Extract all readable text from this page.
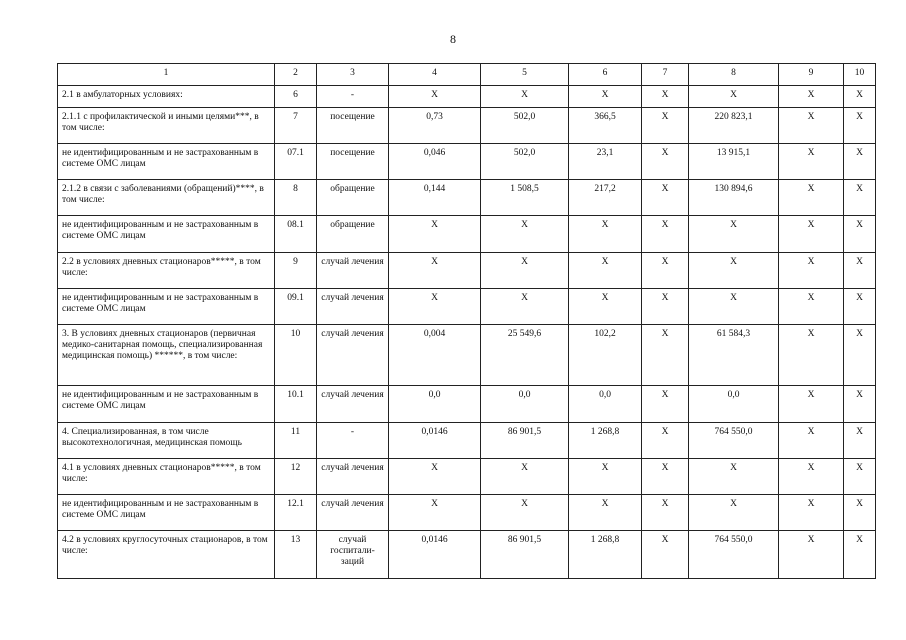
8
1	2	3	4	5	6	7	8	9	10
2.1 в амбулаторных условиях:	6	-	X	X	X	X	X	X	X
2.1.1 с профилактической и иными целями***, в том числе:	7	посещение	0,73	502,0	366,5	X	220 823,1	X	X
не идентифицированным и не застрахованным в системе ОМС лицам	07.1	посещение	0,046	502,0	23,1	X	13 915,1	X	X
2.1.2 в связи с заболеваниями (обращений)****, в том числе:	8	обращение	0,144	1 508,5	217,2	X	130 894,6	X	X
не идентифицированным и не застрахованным в системе ОМС лицам	08.1	обращение	X	X	X	X	X	X	X
2.2 в условиях дневных стационаров*****, в том числе:	9	случай лечения	X	X	X	X	X	X	X
не идентифицированным и не застрахованным в системе ОМС лицам	09.1	случай лечения	X	X	X	X	X	X	X
3. В условиях дневных стационаров (первичная медико-санитарная помощь, специализированная медицинская помощь) ******, в том числе:	10	случай лечения	0,004	25 549,6	102,2	X	61 584,3	X	X
не идентифицированным и не застрахованным в системе ОМС лицам	10.1	случай лечения	0,0	0,0	0,0	X	0,0	X	X
4. Специализированная, в том числе высокотехнологичная, медицинская помощь	11	-	0,0146	86 901,5	1 268,8	X	764 550,0	X	X
4.1 в условиях дневных стационаров*****, в том числе:	12	случай лечения	X	X	X	X	X	X	X
не идентифицированным и не застрахованным в системе ОМС лицам	12.1	случай лечения	X	X	X	X	X	X	X
4.2 в условиях круглосуточных стационаров, в том числе:	13	случай госпитали-заций	0,0146	86 901,5	1 268,8	X	764 550,0	X	X
